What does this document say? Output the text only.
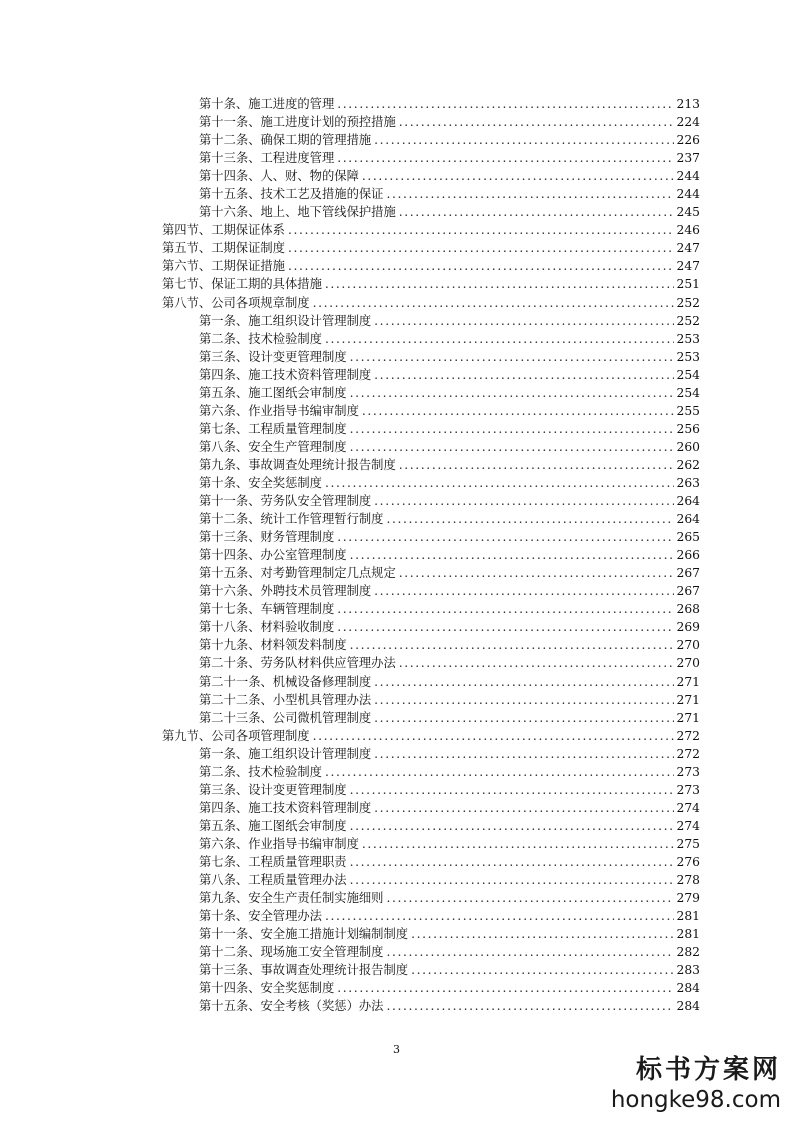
第十条、施工进度的管理 .....	213
第十一条、施工进度计划的预控措施 .....	224
第十二条、确保工期的管理措施 .....	226
第十三条、工程进度管理 .....	237
第十四条、人、财、物的保障 .....	244
第十五条、技术工艺及措施的保证 .....	244
第十六条、地上、地下管线保护措施 .....	245
第四节、工期保证体系 .....	246
第五节、工期保证制度 .....	247
第六节、工期保证措施 .....	247
第七节、保证工期的具体措施 .....	251
第八节、公司各项规章制度 .....	252
第一条、施工组织设计管理制度 .....	252
第二条、技术检验制度 .....	253
第三条、设计变更管理制度 .....	253
第四条、施工技术资料管理制度 .....	254
第五条、施工图纸会审制度 .....	254
第六条、作业指导书编审制度 .....	255
第七条、工程质量管理制度 .....	256
第八条、安全生产管理制度 .....	260
第九条、事故调查处理统计报告制度 .....	262
第十条、安全奖惩制度 .....	263
第十一条、劳务队安全管理制度 .....	264
第十二条、统计工作管理暂行制度 .....	264
第十三条、财务管理制度 .....	265
第十四条、办公室管理制度 .....	266
第十五条、对考勤管理制定几点规定 .....	267
第十六条、外聘技术员管理制度 .....	267
第十七条、车辆管理制度 .....	268
第十八条、材料验收制度 .....	269
第十九条、材料领发料制度 .....	270
第二十条、劳务队材料供应管理办法 .....	270
第二十一条、机械设备修理制度 .....	271
第二十二条、小型机具管理办法 .....	271
第二十三条、公司微机管理制度 .....	271
第九节、公司各项管理制度 .....	272
第一条、施工组织设计管理制度 .....	272
第二条、技术检验制度 .....	273
第三条、设计变更管理制度 .....	273
第四条、施工技术资料管理制度 .....	274
第五条、施工图纸会审制度 .....	274
第六条、作业指导书编审制度 .....	275
第七条、工程质量管理职责 .....	276
第八条、工程质量管理办法 .....	278
第九条、安全生产责任制实施细则 .....	279
第十条、安全管理办法 .....	281
第十一条、安全施工措施计划编制制度 .....	281
第十二条、现场施工安全管理制度 .....	282
第十三条、事故调查处理统计报告制度 .....	283
第十四条、安全奖惩制度 .....	284
第十五条、安全考核（奖惩）办法 .....	284
3
标书方案网
hongke98.com
